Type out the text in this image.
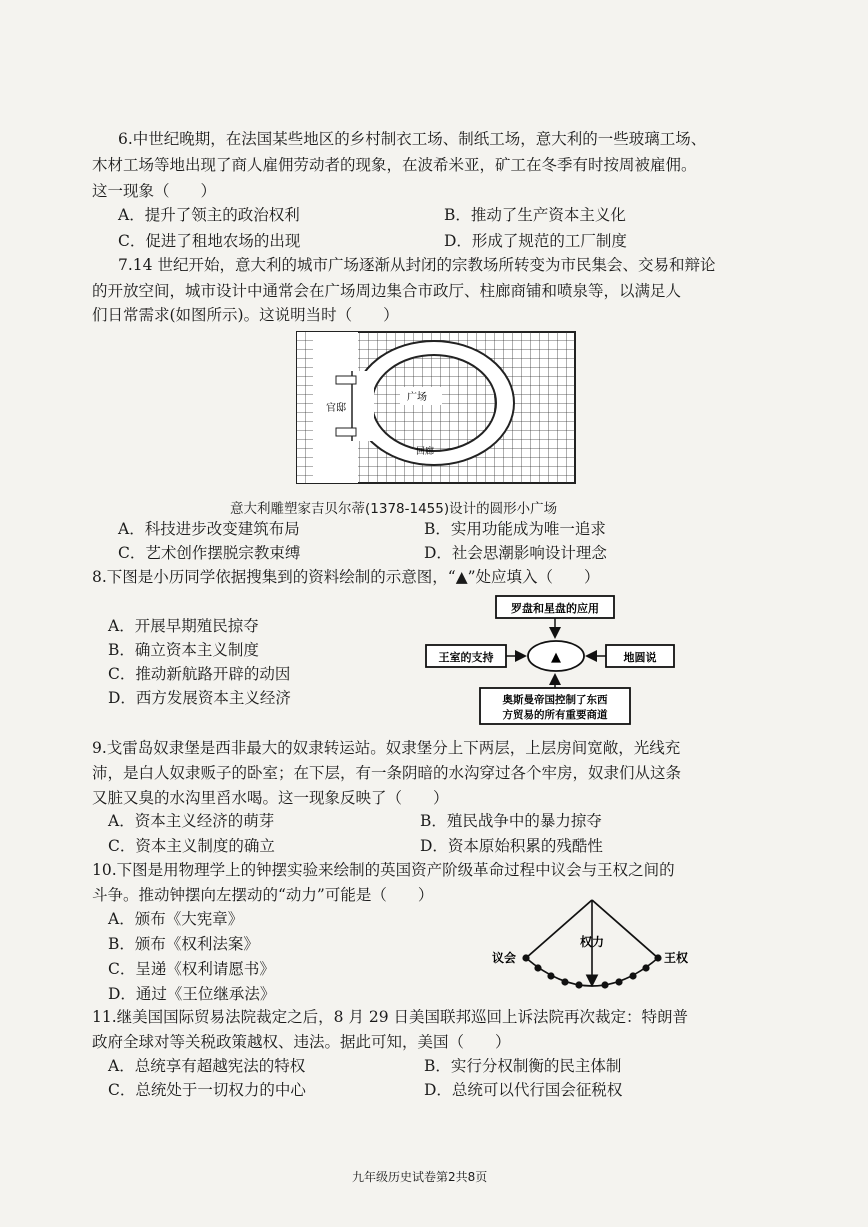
6.中世纪晚期，在法国某些地区的乡村制衣工场、制纸工场，意大利的一些玻璃工场、
木材工场等地出现了商人雇佣劳动者的现象，在波希米亚，矿工在冬季有时按周被雇佣。
这一现象（　　）
A．提升了领主的政治权利	B．推动了生产资本主义化
C．促进了租地农场的出现	D．形成了规范的工厂制度
7.14 世纪开始，意大利的城市广场逐渐从封闭的宗教场所转变为市民集会、交易和辩论
的开放空间，城市设计中通常会在广场周边集合市政厅、柱廊商铺和喷泉等，以满足人
们日常需求(如图所示)。这说明当时（　　）
官邸
广场
回廊
意大利雕塑家吉贝尔蒂(1378-1455)设计的圆形小广场
A．科技进步改变建筑布局	B．实用功能成为唯一追求
C．艺术创作摆脱宗教束缚	D．社会思潮影响设计理念
8.下图是小历同学依据搜集到的资料绘制的示意图，“▲”处应填入（　　）
A．开展早期殖民掠夺
B．确立资本主义制度
C．推动新航路开辟的动因
D．西方发展资本主义经济
罗盘和星盘的应用
▲
王室的支持	地圆说
奥斯曼帝国控制了东西
方贸易的所有重要商道
9.戈雷岛奴隶堡是西非最大的奴隶转运站。奴隶堡分上下两层，上层房间宽敞，光线充
沛，是白人奴隶贩子的卧室；在下层，有一条阴暗的水沟穿过各个牢房，奴隶们从这条
又脏又臭的水沟里舀水喝。这一现象反映了（　　）
A．资本主义经济的萌芽	B．殖民战争中的暴力掠夺
C．资本主义制度的确立	D．资本原始积累的残酷性
10.下图是用物理学上的钟摆实验来绘制的英国资产阶级革命过程中议会与王权之间的
斗争。推动钟摆向左摆动的“动力”可能是（　　）
A．颁布《大宪章》
B．颁布《权利法案》
C．呈递《权利请愿书》
D．通过《王位继承法》
议会
权力
王权
11.继美国国际贸易法院裁定之后，8 月 29 日美国联邦巡回上诉法院再次裁定：特朗普
政府全球对等关税政策越权、违法。据此可知，美国（　　）
A．总统享有超越宪法的特权	B．实行分权制衡的民主体制
C．总统处于一切权力的中心	D．总统可以代行国会征税权
九年级历史试卷第2共8页
